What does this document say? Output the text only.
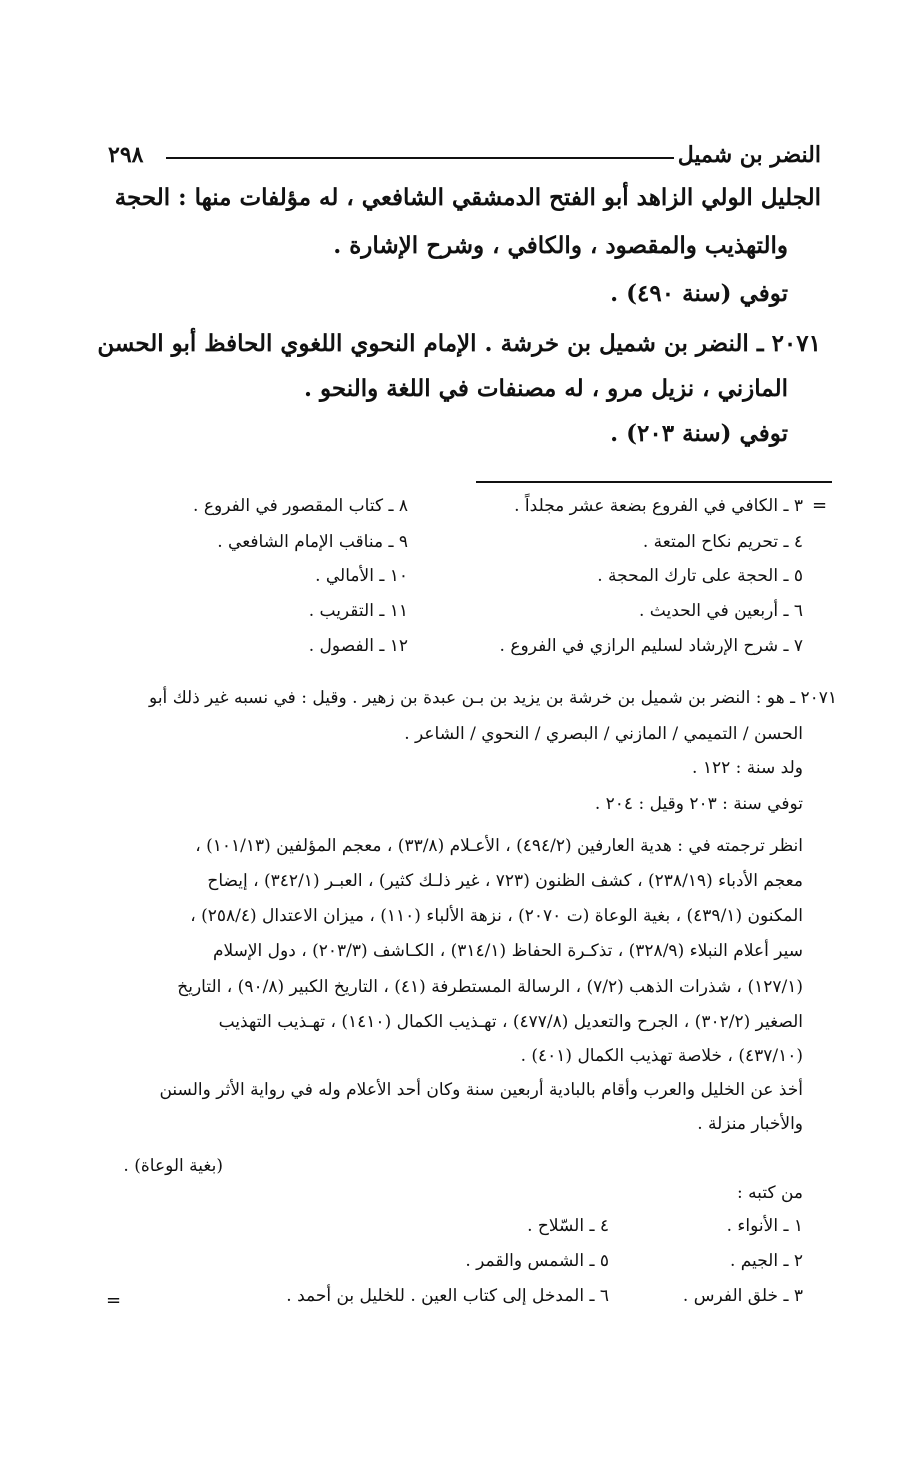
النضر بن شميل
٢٩٨
الجليل الولي الزاهد أبو الفتح الدمشقي الشافعي ، له مؤلفات منها : الحجة
والتهذيب والمقصود ، والكافي ، وشرح الإشارة .
توفي (سنة ٤٩٠) .
٢٠٧١ ـ النضر بن شميل بن خرشة . الإمام النحوي اللغوي الحافظ أبو الحسن
المازني ، نزيل مرو ، له مصنفات في اللغة والنحو .
توفي (سنة ٢٠٣) .
=
٣ ـ الكافي في الفروع بضعة عشر مجلداً .
٤ ـ تحريم نكاح المتعة .
٥ ـ الحجة على تارك المحجة .
٦ ـ أربعين في الحديث .
٧ ـ شرح الإرشاد لسليم الرازي في الفروع .
٨ ـ كتاب المقصور في الفروع .
٩ ـ مناقب الإمام الشافعي .
١٠ ـ الأمالي .
١١ ـ التقريب .
١٢ ـ الفصول .
٢٠٧١ ـ هو : النضر بن شميل بن خرشة بن يزيد بن بـن عبدة بن زهير . وقيل : في نسبه غير ذلك أبو
الحسن / التميمي / المازني / البصري / النحوي / الشاعر .
ولد سنة : ١٢٢ .
توفي سنة : ٢٠٣ وقيل : ٢٠٤ .
انظر ترجمته في : هدية العارفين (٤٩٤/٢) ، الأعـلام (٣٣/٨) ، معجم المؤلفين (١٠١/١٣) ،
معجم الأدباء (٢٣٨/١٩) ، كشف الظنون (٧٢٣ ، غير ذلـك كثير) ، العبـر (٣٤٢/١) ، إيضاح
المكنون (٤٣٩/١) ، بغية الوعاة (ت ٢٠٧٠) ، نزهة الألباء (١١٠) ، ميزان الاعتدال (٢٥٨/٤) ،
سير أعلام النبلاء (٣٢٨/٩) ، تذكـرة الحفاظ (٣١٤/١) ، الكـاشف (٢٠٣/٣) ، دول الإسلام
(١٢٧/١) ، شذرات الذهب (٧/٢) ، الرسالة المستطرفة (٤١) ، التاريخ الكبير (٩٠/٨) ، التاريخ
الصغير (٣٠٢/٢) ، الجرح والتعديل (٤٧٧/٨) ، تهـذيب الكمال (١٤١٠) ، تهـذيب التهذيب
(٤٣٧/١٠) ، خلاصة تهذيب الكمال (٤٠١) .
أخذ عن الخليل والعرب وأقام بالبادية أربعين سنة وكان أحد الأعلام وله في رواية الأثر والسنن
والأخبار منزلة .
(بغية الوعاة) .
من كتبه :
١ ـ الأنواء .
٢ ـ الجيم .
٣ ـ خلق الفرس .
٤ ـ السّلاح .
٥ ـ الشمس والقمر .
٦ ـ المدخل إلى كتاب العين . للخليل بن أحمد .
=
